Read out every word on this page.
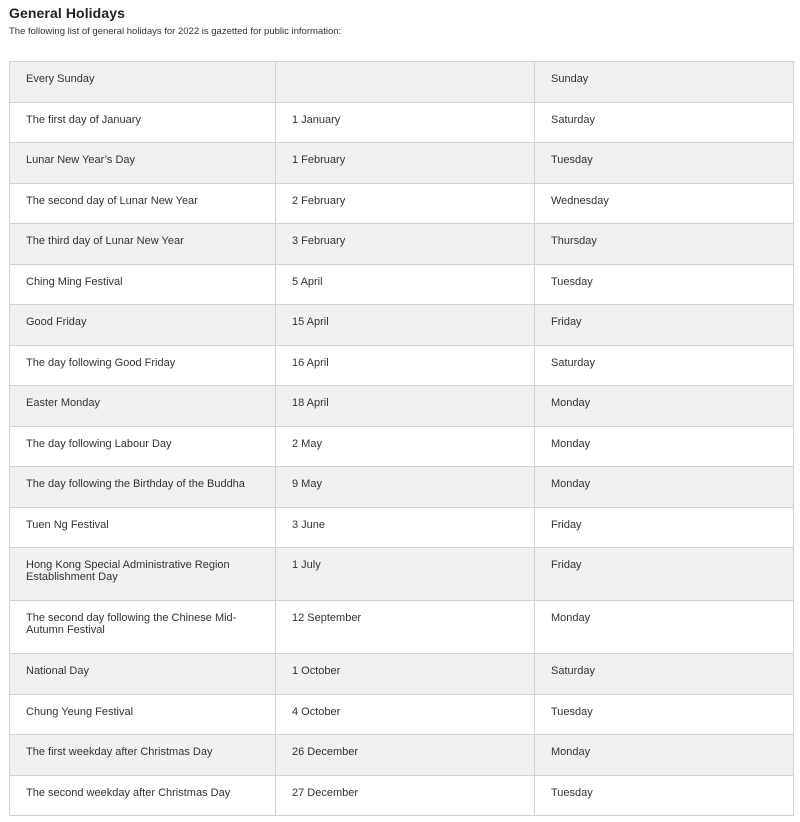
General Holidays
The following list of general holidays for 2022 is gazetted for public information:
Every Sunday		Sunday
The first day of January	1 January	Saturday
Lunar New Year’s Day	1 February	Tuesday
The second day of Lunar New Year	2 February	Wednesday
The third day of Lunar New Year	3 February	Thursday
Ching Ming Festival	5 April	Tuesday
Good Friday	15 April	Friday
The day following Good Friday	16 April	Saturday
Easter Monday	18 April	Monday
The day following Labour Day	2 May	Monday
The day following the Birthday of the Buddha	9 May	Monday
Tuen Ng Festival	3 June	Friday
Hong Kong Special Administrative Region Establishment Day	1 July	Friday
The second day following the Chinese Mid-Autumn Festival	12 September	Monday
National Day	1 October	Saturday
Chung Yeung Festival	4 October	Tuesday
The first weekday after Christmas Day	26 December	Monday
The second weekday after Christmas Day	27 December	Tuesday
